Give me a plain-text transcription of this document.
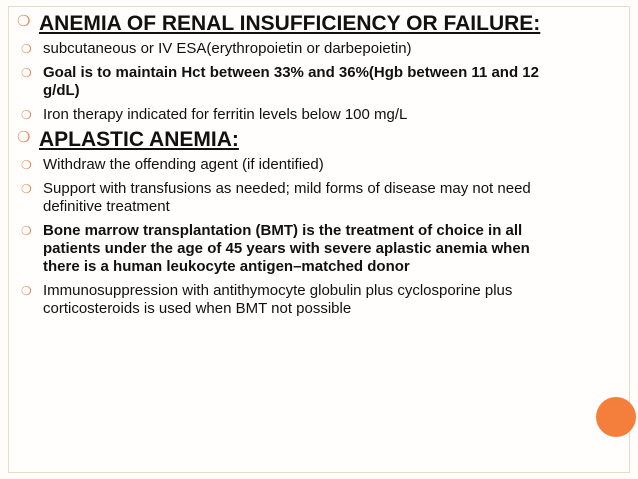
❍ ANEMIA OF RENAL INSUFFICIENCY OR FAILURE:
❍ subcutaneous or IV ESA(erythropoietin or darbepoietin)
❍ Goal is to maintain Hct between 33% and 36%(Hgb between 11 and 12 g/dL)
❍ Iron therapy indicated for ferritin levels below 100 mg/L
❍ APLASTIC ANEMIA:
❍ Withdraw the offending agent (if identified)
❍ Support with transfusions as needed; mild forms of disease may not need definitive treatment
❍ Bone marrow transplantation (BMT) is the treatment of choice in all patients under the age of 45 years with severe aplastic anemia when there is a human leukocyte antigen–matched donor
❍ Immunosuppression with antithymocyte globulin plus cyclosporine plus corticosteroids is used when BMT not possible
